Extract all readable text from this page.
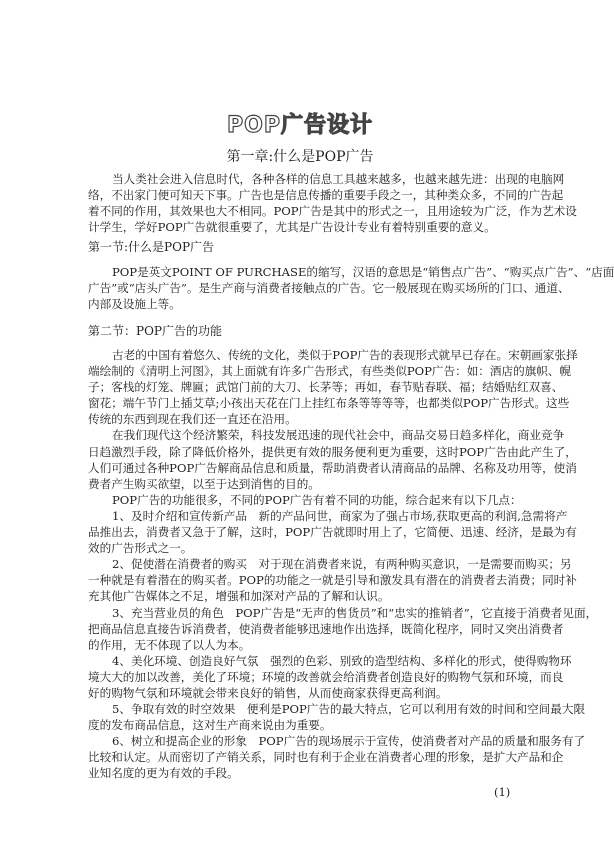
POP广告设计
第一章:什么是POP广告
当人类社会进入信息时代，各种各样的信息工具越来越多，也越来越先进：出现的电脑网
络，不出家门便可知天下事。广告也是信息传播的重要手段之一，其种类众多，不同的广告起
着不同的作用，其效果也大不相同。POP广告是其中的形式之一，且用途较为广泛，作为艺术设
计学生，学好POP广告就很重要了，尤其是广告设计专业有着特别重要的意义。
第一节:什么是POP广告
POP是英文POINT OF PURCHASE的缩写，汉语的意思是“销售点广告”、“购买点广告”、“店面
广告”或“店头广告”。是生产商与消费者接触点的广告。它一般展现在购买场所的门口、通道、
内部及设施上等。
第二节：POP广告的功能
古老的中国有着悠久、传统的文化，类似于POP广告的表现形式就早已存在。宋朝画家张择
端绘制的《清明上河图》，其上面就有许多广告形式，有些类似POP广告：如：酒店的旗帜、幌
子；客栈的灯笼、牌匾；武馆门前的大刀、长茅等；再如，春节贴春联、福；结婚贴红双喜、
窗花；端午节门上插艾草;小孩出天花在门上挂红布条等等等等，也都类似POP广告形式。这些
传统的东西到现在我们还一直还在沿用。
在我们现代这个经济繁荣，科技发展迅速的现代社会中，商品交易日趋多样化，商业竞争
日趋激烈手段，除了降低价格外，提供更有效的服务便利更为重要，这时POP广告由此产生了，
人们可通过各种POP广告解商品信息和质量，帮助消费者认清商品的品牌、名称及功用等，使消
费者产生购买欲望，以至于达到消售的目的。
POP广告的功能很多，不同的POP广告有着不同的功能，综合起来有以下几点：
1、及时介绍和宣传新产品　新的产品问世，商家为了强占市场,获取更高的利润,急需将产
品推出去，消费者又急于了解，这时，POP广告就即时用上了，它简便、迅速、经济，是最为有
效的广告形式之一。
2、促使潜在消费者的购买　对于现在消费者来说，有两种购买意识，一是需要而购买；另
一种就是有着潜在的购买者。POP的功能之一就是引导和激发具有潜在的消费者去消费；同时补
充其他广告媒体之不足，增强和加深对产品的了解和认识。
3、充当营业员的角色　POP广告是“无声的售货员”和“忠实的推销者”，它直接于消费者见面，
把商品信息直接告诉消费者，使消费者能够迅速地作出选择，既简化程序，同时又突出消费者
的作用，无不体现了以人为本。
4、美化环境、创造良好气氛　强烈的色彩、别致的造型结构、多样化的形式，使得购物环
境大大的加以改善，美化了环境；环境的改善就会给消费者创造良好的购物气氛和环境，而良
好的购物气氛和环境就会带来良好的销售，从而使商家获得更高利润。
5、争取有效的时空效果　便利是POP广告的最大特点，它可以利用有效的时间和空间最大限
度的发布商品信息，这对生产商来说由为重要。
6、树立和提高企业的形象　POP广告的现场展示于宣传，使消费者对产品的质量和服务有了
比较和认定。从而密切了产销关系，同时也有利于企业在消费者心理的形象，是扩大产品和企
业知名度的更为有效的手段。
(1)
